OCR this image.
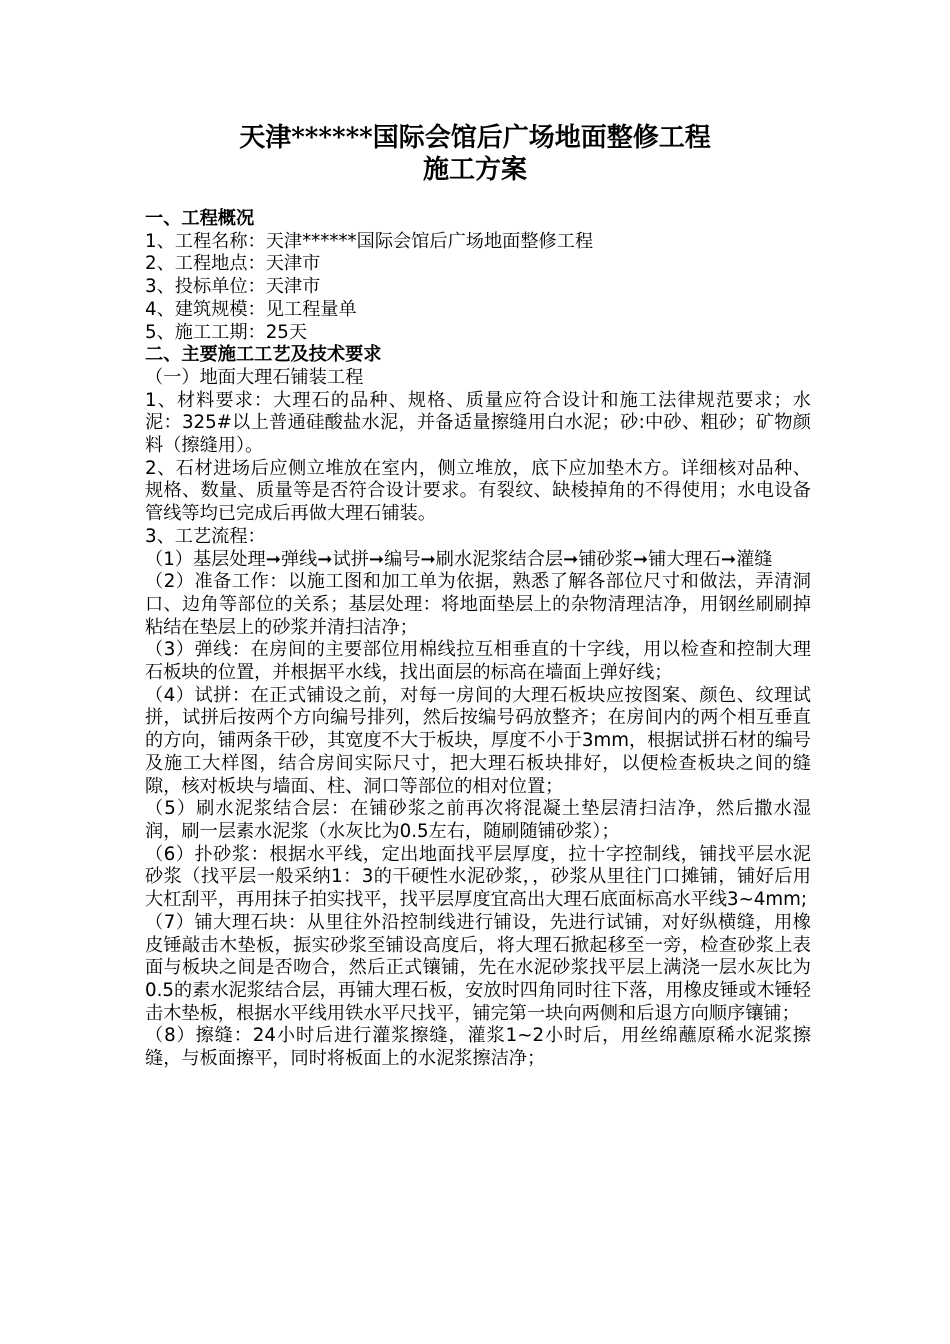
天津******国际会馆后广场地面整修工程
施工方案

一、工程概况

1、工程名称：天津******国际会馆后广场地面整修工程

2、工程地点：天津市

3、投标单位：天津市

4、建筑规模：见工程量单

5、施工工期：25天

二、主要施工工艺及技术要求

（一）地面大理石铺装工程

1、材料要求：大理石的品种、规格、质量应符合设计和施工法律规范要求；水泥：325#以上普通硅酸盐水泥，并备适量擦缝用白水泥；砂:中砂、粗砂；矿物颜料（擦缝用）。

2、石材进场后应侧立堆放在室内，侧立堆放，底下应加垫木方。详细核对品种、规格、数量、质量等是否符合设计要求。有裂纹、缺棱掉角的不得使用；水电设备管线等均已完成后再做大理石铺装。

3、工艺流程：

（1）基层处理➞弹线➞试拼➞编号➞刷水泥浆结合层➞铺砂浆➞铺大理石➞灌缝

（2）准备工作：以施工图和加工单为依据，熟悉了解各部位尺寸和做法，弄清洞口、边角等部位的关系；基层处理：将地面垫层上的杂物清理洁净，用钢丝刷刷掉粘结在垫层上的砂浆并清扫洁净；

（3）弹线：在房间的主要部位用棉线拉互相垂直的十字线，用以检查和控制大理石板块的位置，并根据平水线，找出面层的标高在墙面上弹好线；

（4）试拼：在正式铺设之前，对每一房间的大理石板块应按图案、颜色、纹理试拼，试拼后按两个方向编号排列，然后按编号码放整齐；在房间内的两个相互垂直的方向，铺两条干砂，其宽度不大于板块，厚度不小于3mm，根据试拼石材的编号及施工大样图，结合房间实际尺寸，把大理石板块排好，以便检查板块之间的缝隙，核对板块与墙面、柱、洞口等部位的相对位置；

（5）刷水泥浆结合层：在铺砂浆之前再次将混凝土垫层清扫洁净，然后撒水湿润，刷一层素水泥浆（水灰比为0.5左右，随刷随铺砂浆）；

（6）扑砂浆：根据水平线，定出地面找平层厚度，拉十字控制线，铺找平层水泥砂浆（找平层一般采纳1：3的干硬性水泥砂浆，，砂浆从里往门口摊铺，铺好后用大杠刮平，再用抹子拍实找平，找平层厚度宜高出大理石底面标高水平线3~4mm;

（7）铺大理石块：从里往外沿控制线进行铺设，先进行试铺，对好纵横缝，用橡皮锤敲击木垫板，振实砂浆至铺设高度后，将大理石掀起移至一旁，检查砂浆上表面与板块之间是否吻合，然后正式镶铺，先在水泥砂浆找平层上满浇一层水灰比为0.5的素水泥浆结合层，再铺大理石板，安放时四角同时往下落，用橡皮锤或木锤轻击木垫板，根据水平线用铁水平尺找平，铺完第一块向两侧和后退方向顺序镶铺；

（8）擦缝：24小时后进行灌浆擦缝，灌浆1~2小时后，用丝绵蘸原稀水泥浆擦缝，与板面擦平，同时将板面上的水泥浆擦洁净；
